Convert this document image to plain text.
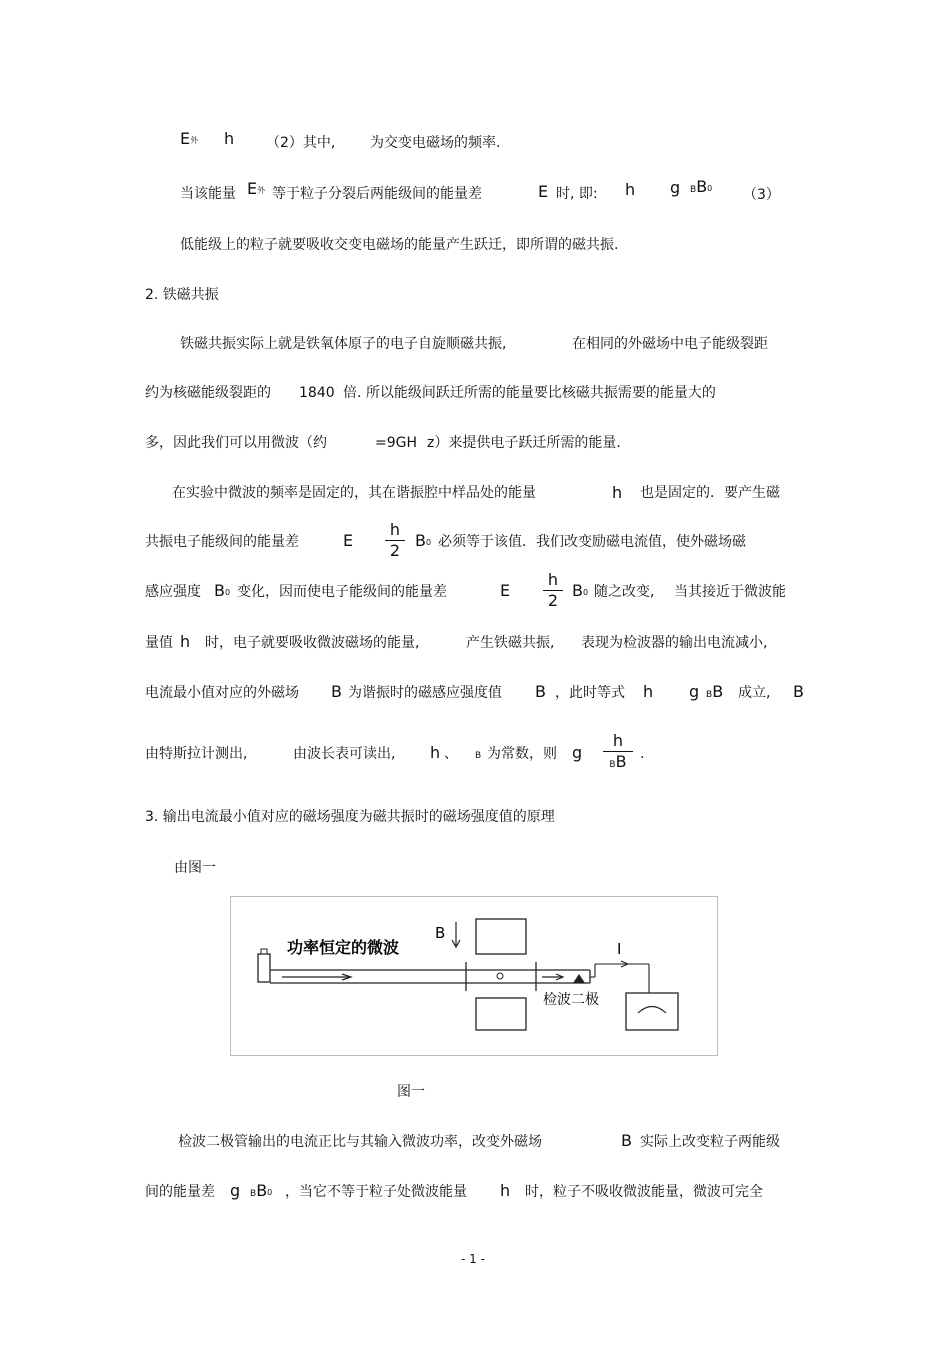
E外 h （2）其中, 为交变电磁场的频率.
当该能量 E外 等于粒子分裂后两能级间的能量差	E 时, 即: h g BB0 （3）
低能级上的粒子就要吸收交变电磁场的能量产生跃迁，即所谓的磁共振.
2. 铁磁共振
铁磁共振实际上就是铁氧体原子的电子自旋顺磁共振,	在相同的外磁场中电子能级裂距
约为核磁能级裂距的 1840 倍. 所以能级间跃迁所需的能量要比核磁共振需要的能量大的
多，因此我们可以用微波（约	=9GH z）来提供电子跃迁所需的能量.
在实验中微波的频率是固定的，其在谐振腔中样品处的能量	h 也是固定的．要产生磁
共振电子能级间的能量差	E
h
2
B0 必须等于该值．我们改变励磁电流值，使外磁场磁
感应强度 B0 变化，因而使电子能级间的能量差	E
h
2
B0 随之改变, 当其接近于微波能
量值 h 时，电子就要吸收微波磁场的能量,	产生铁磁共振, 表现为检波器的输出电流减小,
电流最小值对应的外磁场 B 为谐振时的磁感应强度值 B ，此时等式 h g BB 成立, B
由特斯拉计测出,	由波长表可读出, h 、 B 为常数，则 g
h
BB .
3. 输出电流最小值对应的磁场强度为磁共振时的磁场强度值的原理
由图一
B
I
功率恒定的微波
检波二极
图一
检波二极管输出的电流正比与其输入微波功率，改变外磁场	B 实际上改变粒子两能级
间的能量差 g BB0 ，当它不等于粒子处微波能量 h 时，粒子不吸收微波能量，微波可完全
- 1 -
